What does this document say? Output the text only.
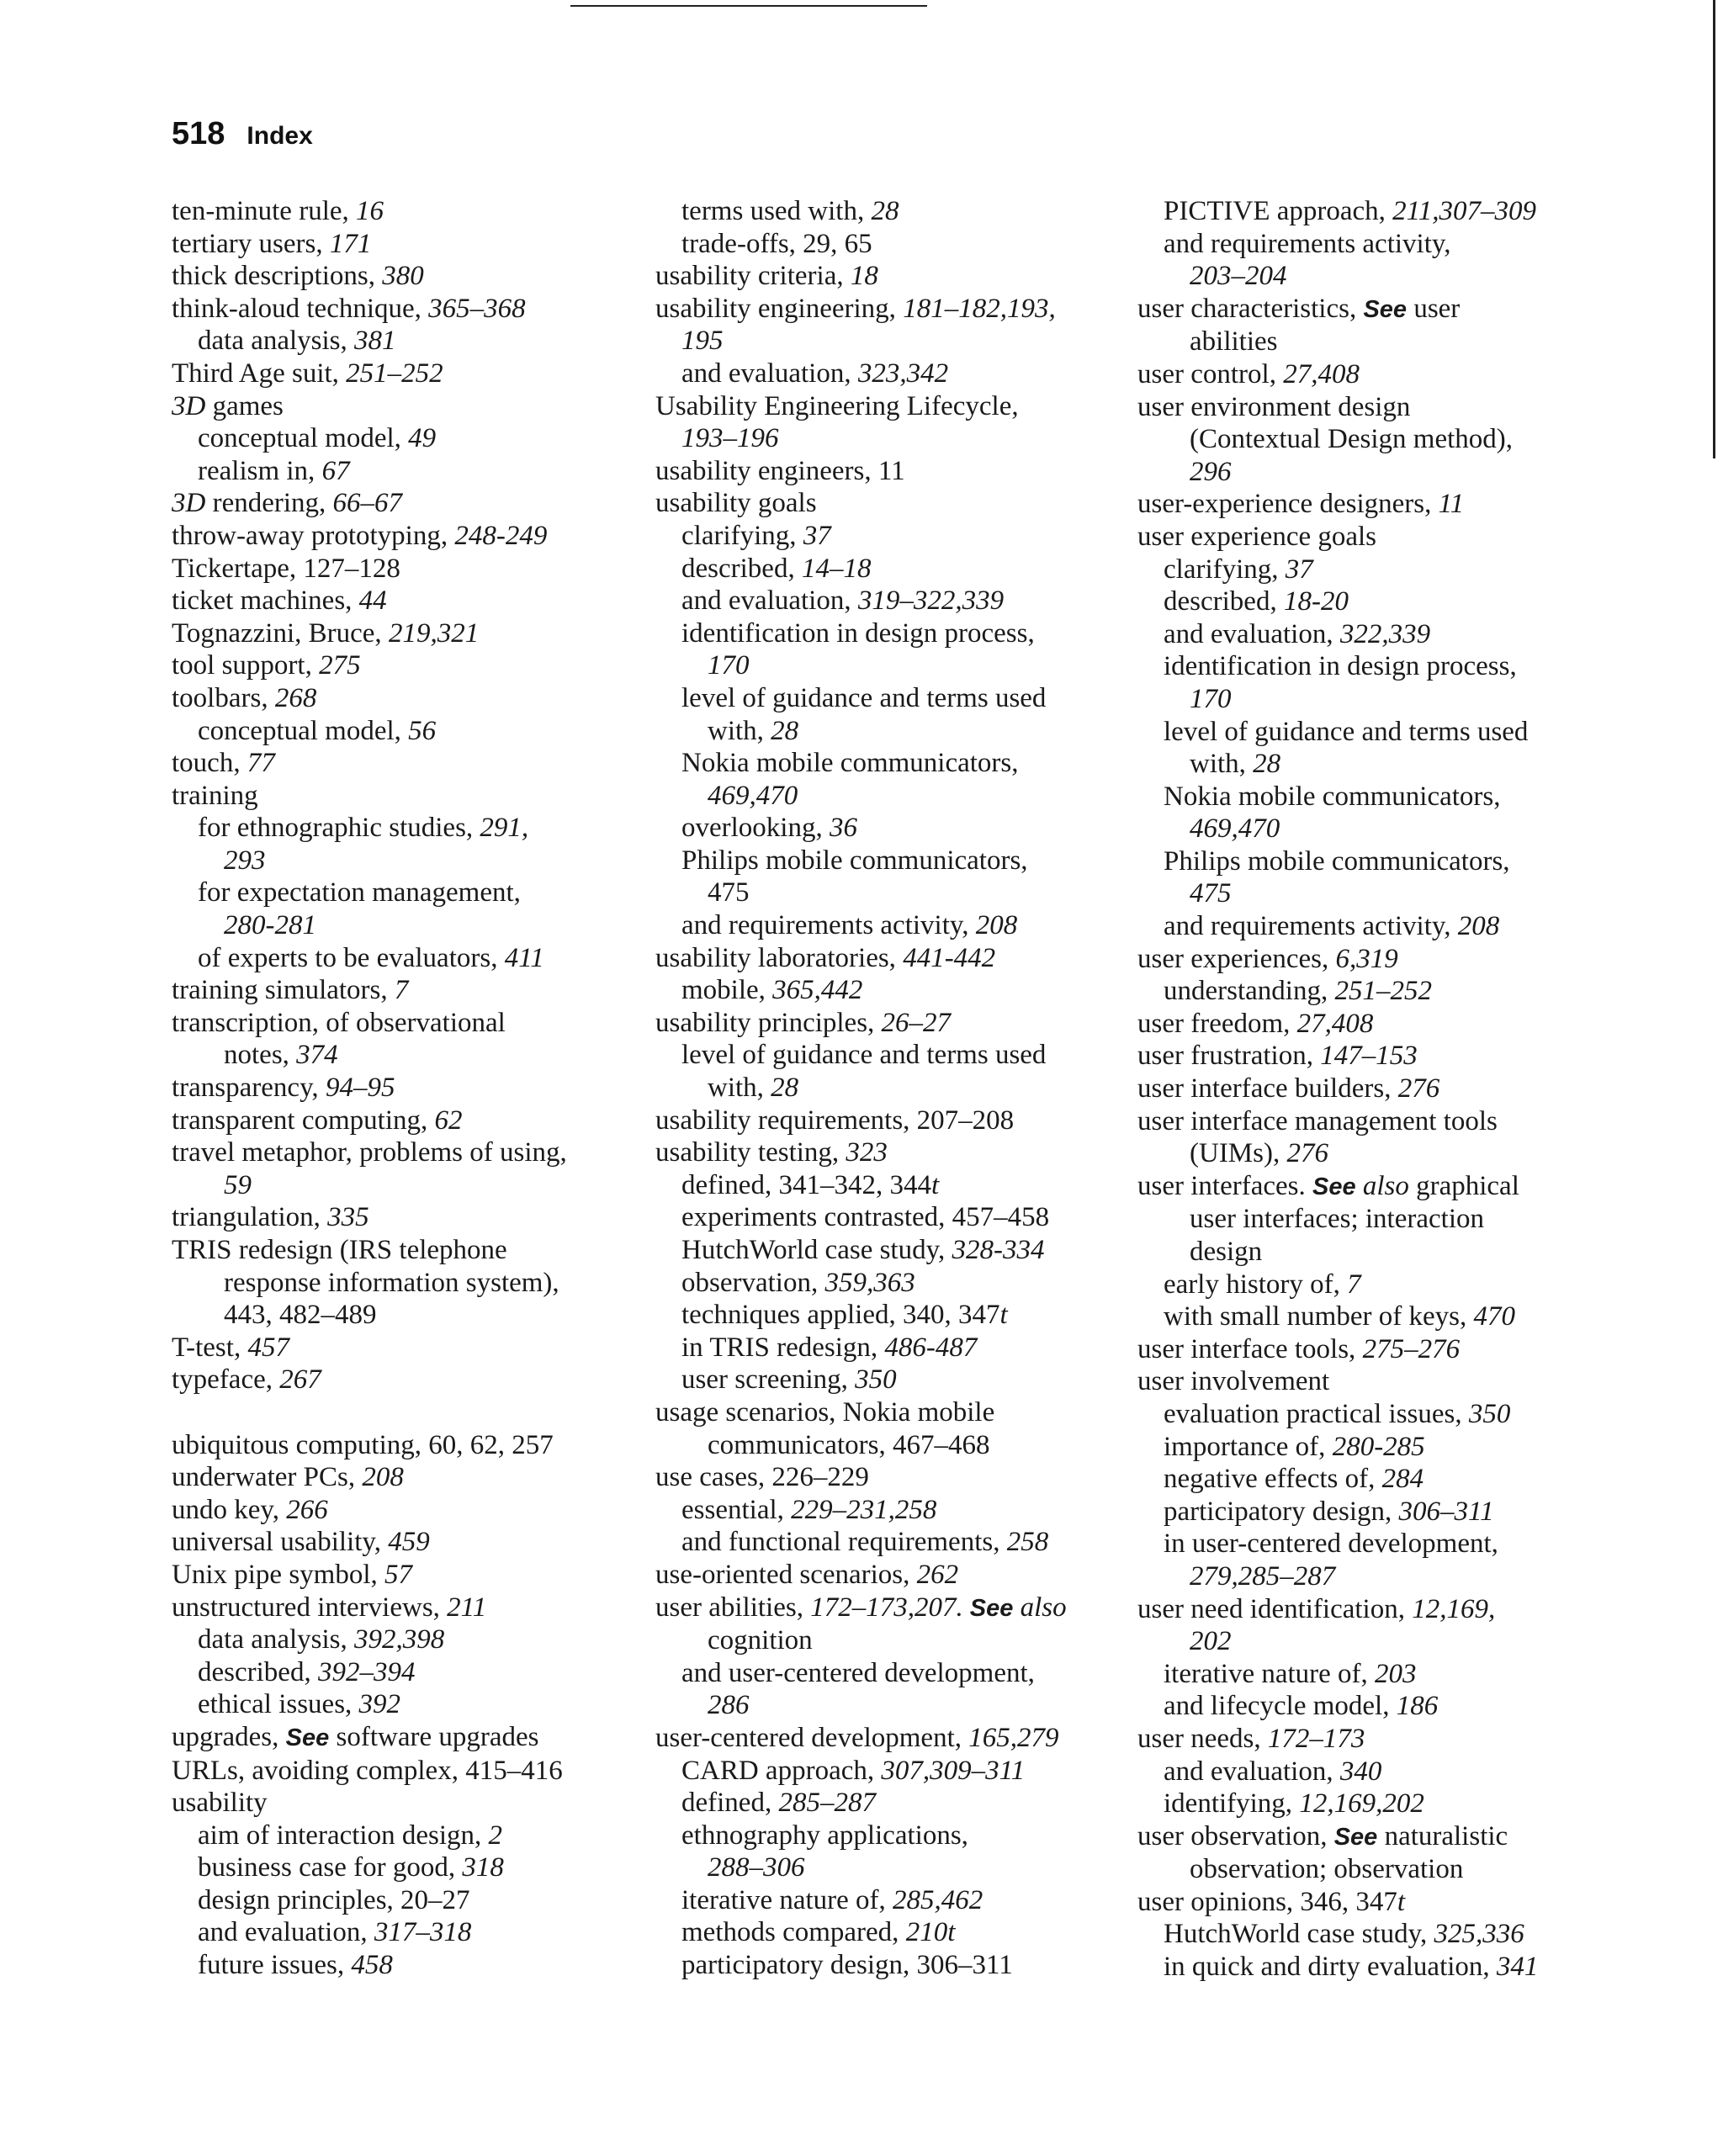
518 Index
ten-minute rule, 16
tertiary users, 171
thick descriptions, 380
think-aloud technique, 365–368
data analysis, 381
Third Age suit, 251–252
3D games
conceptual model, 49
realism in, 67
3D rendering, 66–67
throw-away prototyping, 248-249
Tickertape, 127–128
ticket machines, 44
Tognazzini, Bruce, 219,321
tool support, 275
toolbars, 268
conceptual model, 56
touch, 77
training
for ethnographic studies, 291,
293
for expectation management,
280-281
of experts to be evaluators, 411
training simulators, 7
transcription, of observational
notes, 374
transparency, 94–95
transparent computing, 62
travel metaphor, problems of using,
59
triangulation, 335
TRIS redesign (IRS telephone
response information system),
443, 482–489
T-test, 457
typeface, 267
ubiquitous computing, 60, 62, 257
underwater PCs, 208
undo key, 266
universal usability, 459
Unix pipe symbol, 57
unstructured interviews, 211
data analysis, 392,398
described, 392–394
ethical issues, 392
upgrades, See software upgrades
URLs, avoiding complex, 415–416
usability
aim of interaction design, 2
business case for good, 318
design principles, 20–27
and evaluation, 317–318
future issues, 458
terms used with, 28
trade-offs, 29, 65
usability criteria, 18
usability engineering, 181–182,193,
195
and evaluation, 323,342
Usability Engineering Lifecycle,
193–196
usability engineers, 11
usability goals
clarifying, 37
described, 14–18
and evaluation, 319–322,339
identification in design process,
170
level of guidance and terms used
with, 28
Nokia mobile communicators,
469,470
overlooking, 36
Philips mobile communicators,
475
and requirements activity, 208
usability laboratories, 441-442
mobile, 365,442
usability principles, 26–27
level of guidance and terms used
with, 28
usability requirements, 207–208
usability testing, 323
defined, 341–342, 344t
experiments contrasted, 457–458
HutchWorld case study, 328-334
observation, 359,363
techniques applied, 340, 347t
in TRIS redesign, 486-487
user screening, 350
usage scenarios, Nokia mobile
communicators, 467–468
use cases, 226–229
essential, 229–231,258
and functional requirements, 258
use-oriented scenarios, 262
user abilities, 172–173,207. See also
cognition
and user-centered development,
286
user-centered development, 165,279
CARD approach, 307,309–311
defined, 285–287
ethnography applications,
288–306
iterative nature of, 285,462
methods compared, 210t
participatory design, 306–311
PICTIVE approach, 211,307–309
and requirements activity,
203–204
user characteristics, See user
abilities
user control, 27,408
user environment design
(Contextual Design method),
296
user-experience designers, 11
user experience goals
clarifying, 37
described, 18-20
and evaluation, 322,339
identification in design process,
170
level of guidance and terms used
with, 28
Nokia mobile communicators,
469,470
Philips mobile communicators,
475
and requirements activity, 208
user experiences, 6,319
understanding, 251–252
user freedom, 27,408
user frustration, 147–153
user interface builders, 276
user interface management tools
(UIMs), 276
user interfaces. See also graphical
user interfaces; interaction
design
early history of, 7
with small number of keys, 470
user interface tools, 275–276
user involvement
evaluation practical issues, 350
importance of, 280-285
negative effects of, 284
participatory design, 306–311
in user-centered development,
279,285–287
user need identification, 12,169,
202
iterative nature of, 203
and lifecycle model, 186
user needs, 172–173
and evaluation, 340
identifying, 12,169,202
user observation, See naturalistic
observation; observation
user opinions, 346, 347t
HutchWorld case study, 325,336
in quick and dirty evaluation, 341
